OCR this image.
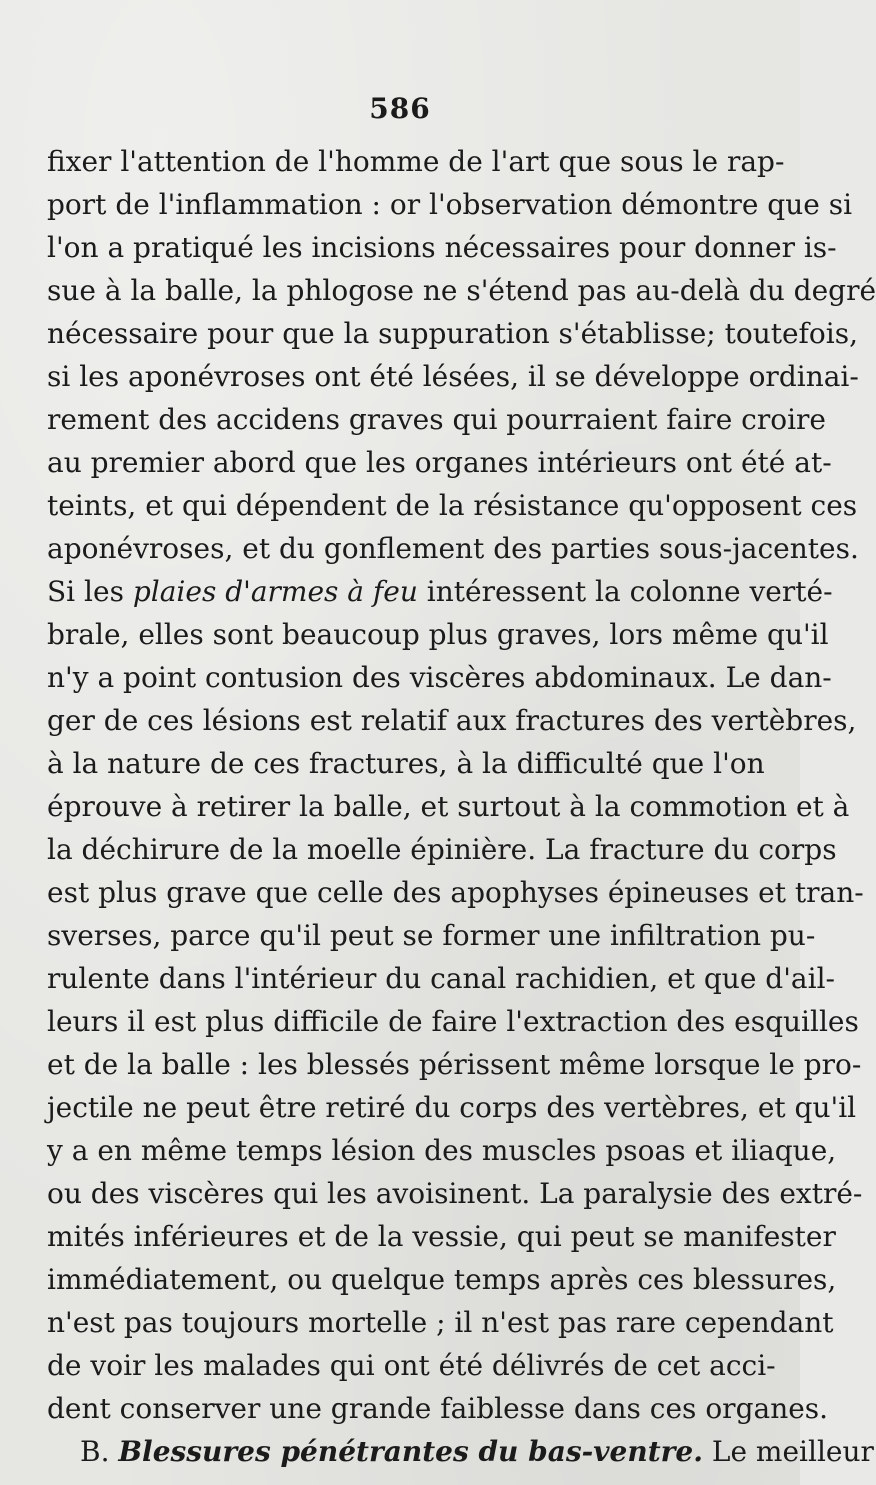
586
fixer l'attention de l'homme de l'art que sous le rap-
port de l'inflammation : or l'observation démontre que si
l'on a pratiqué les incisions nécessaires pour donner is-
sue à la balle, la phlogose ne s'étend pas au-delà du degré
nécessaire pour que la suppuration s'établisse; toutefois,
si les aponévroses ont été lésées, il se développe ordinai-
rement des accidens graves qui pourraient faire croire
au premier abord que les organes intérieurs ont été at-
teints, et qui dépendent de la résistance qu'opposent ces
aponévroses, et du gonflement des parties sous-jacentes.
Si les plaies d'armes à feu intéressent la colonne verté-
brale, elles sont beaucoup plus graves, lors même qu'il
n'y a point contusion des viscères abdominaux. Le dan-
ger de ces lésions est relatif aux fractures des vertèbres,
à la nature de ces fractures, à la difficulté que l'on
éprouve à retirer la balle, et surtout à la commotion et à
la déchirure de la moelle épinière. La fracture du corps
est plus grave que celle des apophyses épineuses et tran-
sverses, parce qu'il peut se former une infiltration pu-
rulente dans l'intérieur du canal rachidien, et que d'ail-
leurs il est plus difficile de faire l'extraction des esquilles
et de la balle : les blessés périssent même lorsque le pro-
jectile ne peut être retiré du corps des vertèbres, et qu'il
y a en même temps lésion des muscles psoas et iliaque,
ou des viscères qui les avoisinent. La paralysie des extré-
mités inférieures et de la vessie, qui peut se manifester
immédiatement, ou quelque temps après ces blessures,
n'est pas toujours mortelle ; il n'est pas rare cependant
de voir les malades qui ont été délivrés de cet acci-
dent conserver une grande faiblesse dans ces organes.
B. Blessures pénétrantes du bas-ventre. Le meilleur
